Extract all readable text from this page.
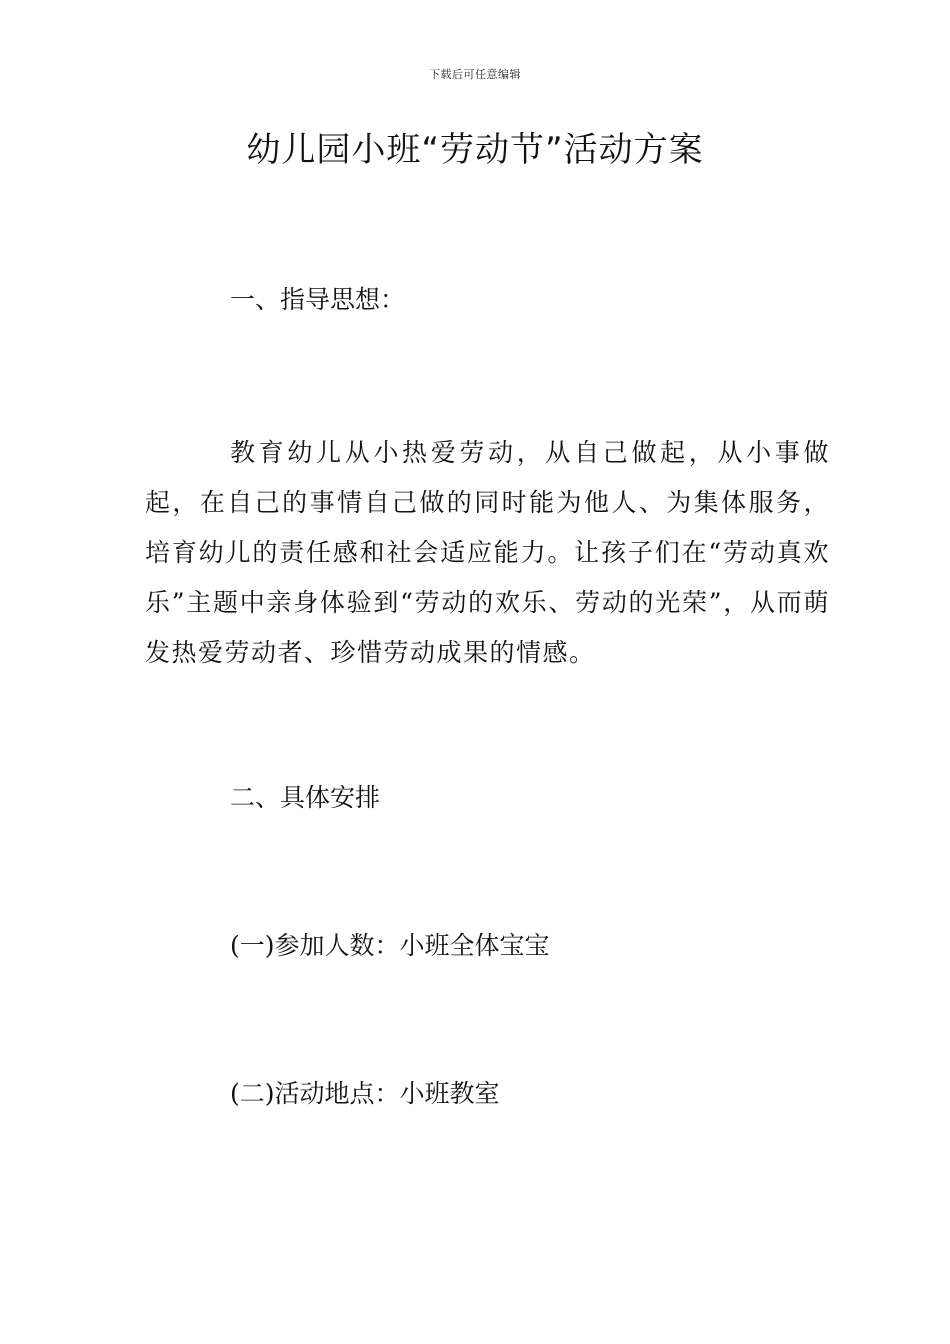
下载后可任意编辑
幼儿园小班“劳动节”活动方案
一、指导思想：

教育幼儿从小热爱劳动，从自己做起，从小事做起，在自己的事情自己做的同时能为他人、为集体服务，培育幼儿的责任感和社会适应能力。让孩子们在“劳动真欢乐”主题中亲身体验到“劳动的欢乐、劳动的光荣”，从而萌发热爱劳动者、珍惜劳动成果的情感。

二、具体安排

(一)参加人数：小班全体宝宝

(二)活动地点：小班教室
